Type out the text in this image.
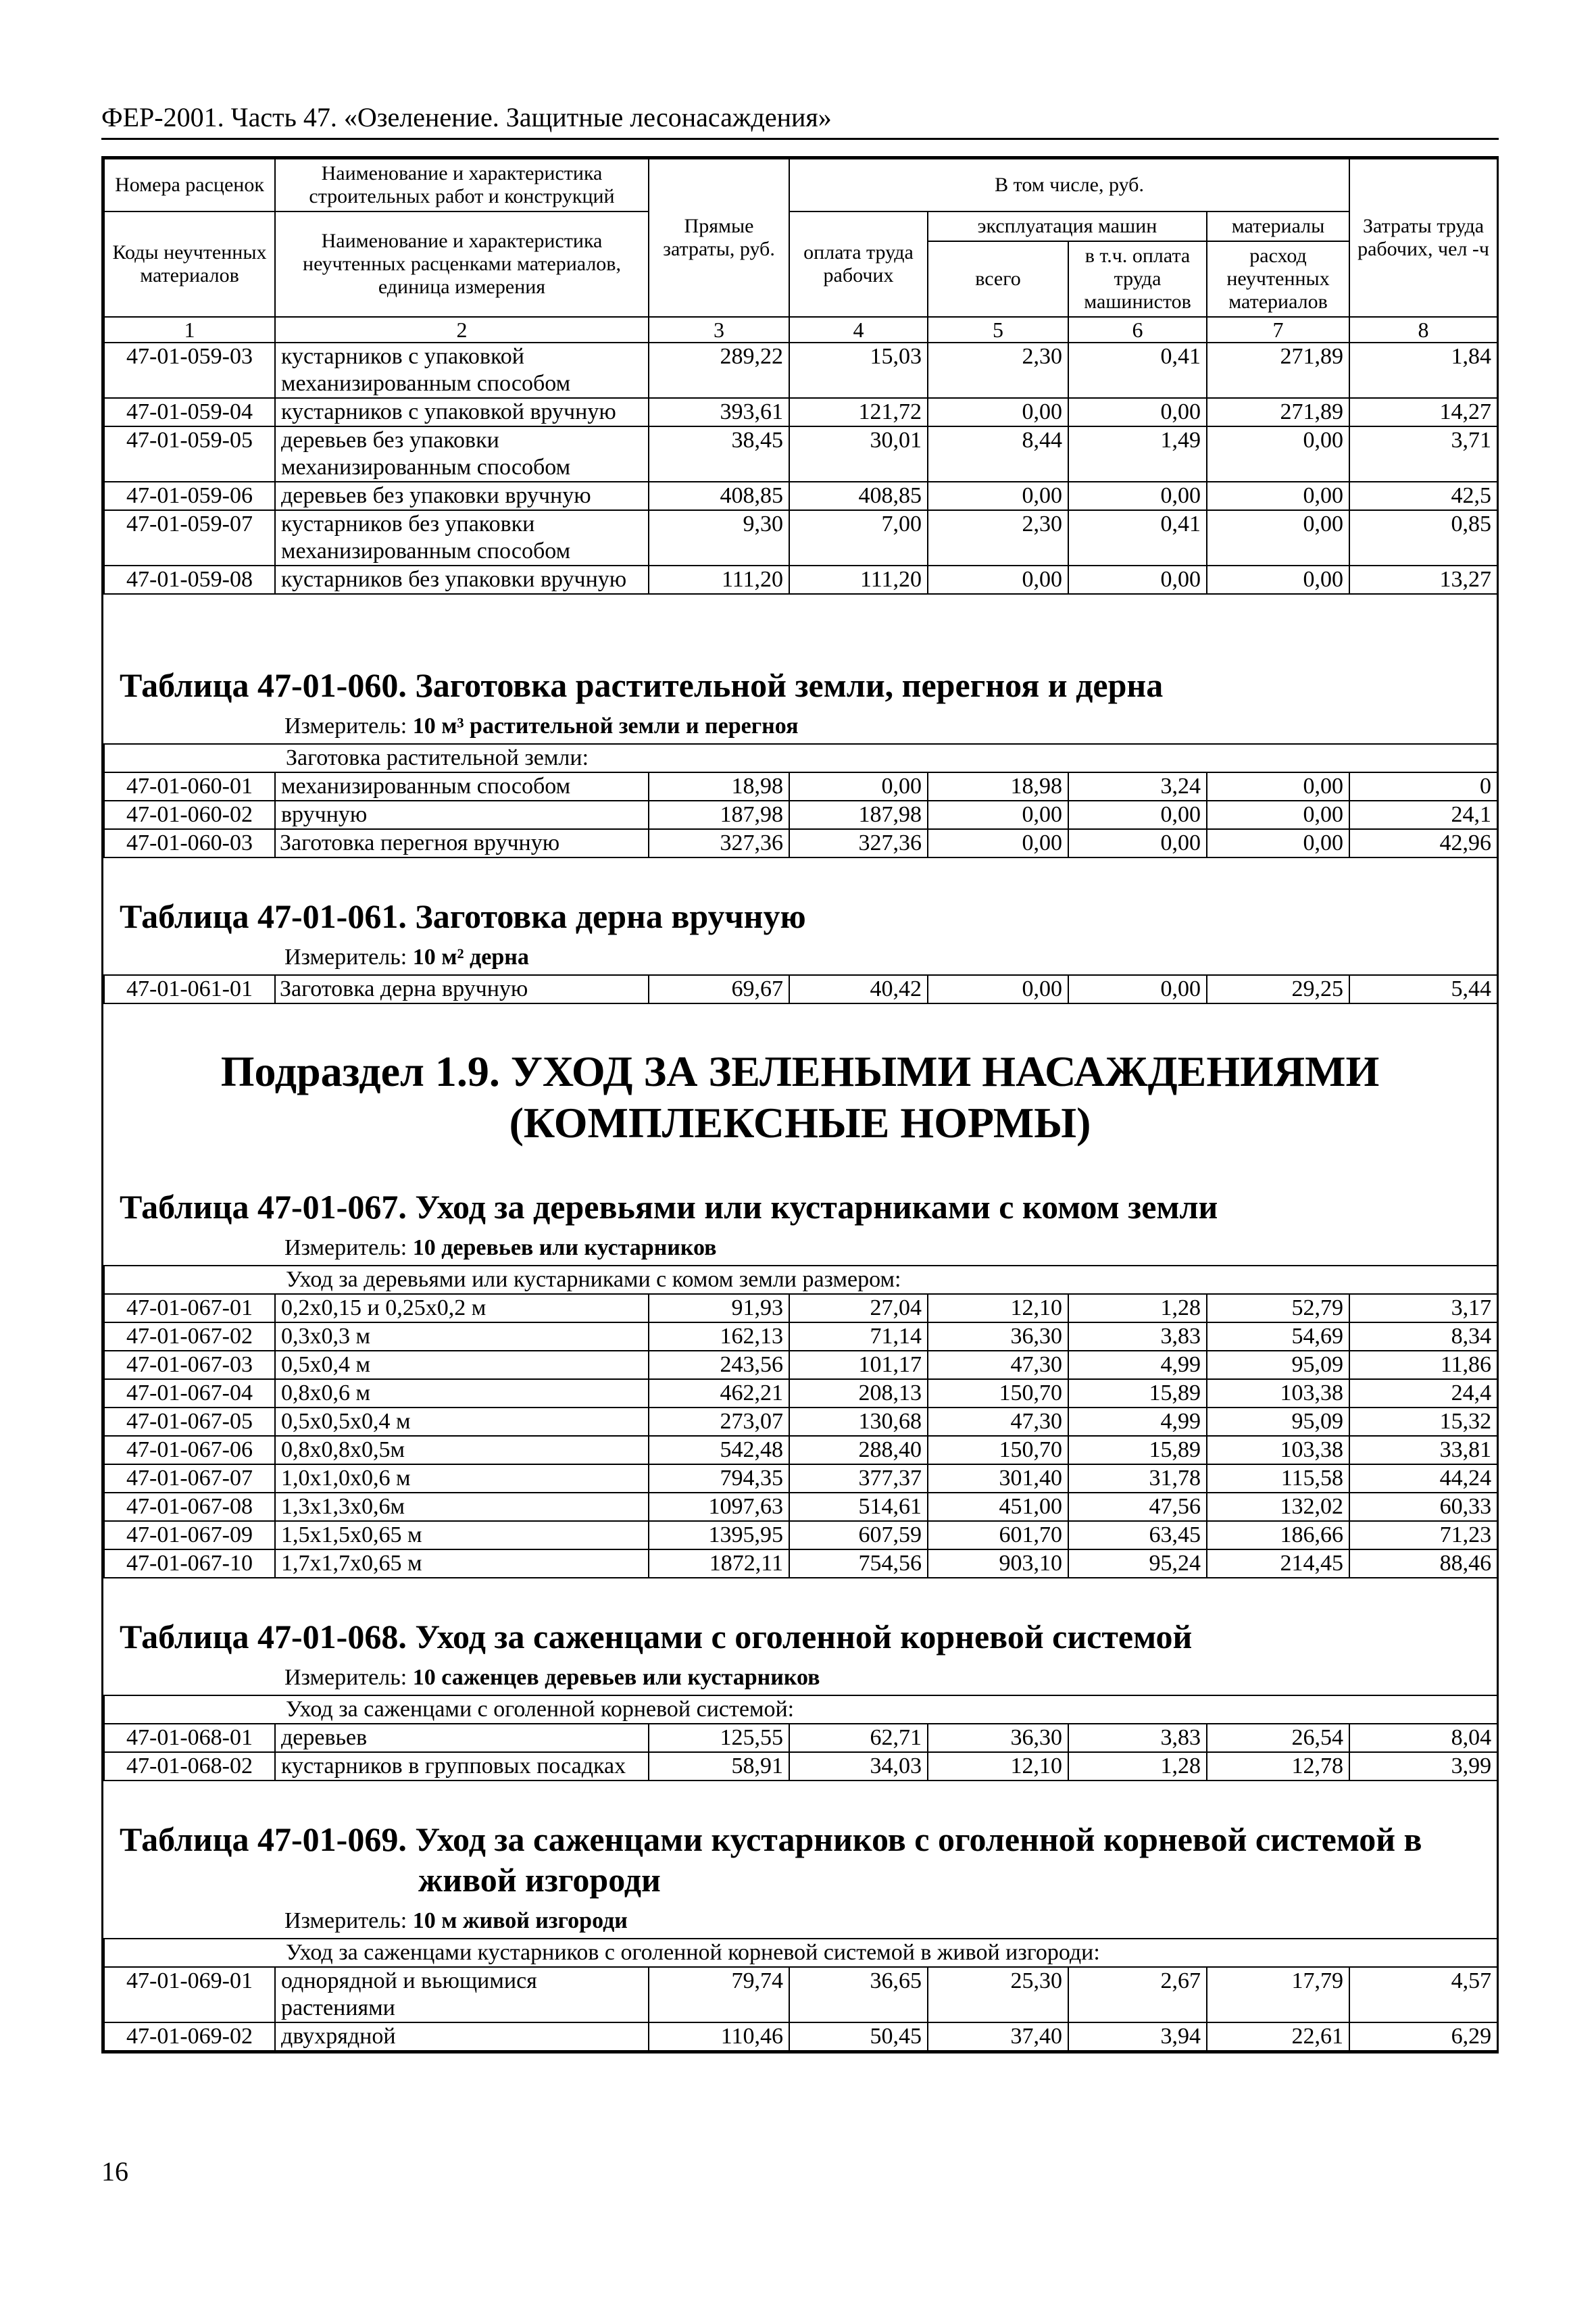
ФЕР-2001. Часть 47. «Озеленение. Защитные лесонасаждения»
Номера расценок	Наименование и характеристика строительных работ и конструкций	Прямые затраты, руб.	В том числе, руб.				Затраты труда рабочих, чел -ч
Коды неучтенных материалов	Наименование и характеристика неучтенных расценками материалов, единица измерения		оплата труда рабочих	эксплуатация машин		материалы	
				всего	в т.ч. оплата труда машинистов	расход неучтенных материалов	
1	2	3	4	5	6	7	8
47-01-059-03	кустарников с упаковкой механизированным способом	289,22	15,03	2,30	0,41	271,89	1,84
47-01-059-04	кустарников с упаковкой вручную	393,61	121,72	0,00	0,00	271,89	14,27
47-01-059-05	деревьев без упаковки механизированным способом	38,45	30,01	8,44	1,49	0,00	3,71
47-01-059-06	деревьев без упаковки вручную	408,85	408,85	0,00	0,00	0,00	42,5
47-01-059-07	кустарников без упаковки механизированным способом	9,30	7,00	2,30	0,41	0,00	0,85
47-01-059-08	кустарников без упаковки вручную	111,20	111,20	0,00	0,00	0,00	13,27
Таблица 47-01-060. Заготовка растительной земли, перегноя и дерна
Измеритель: 10 м³ растительной земли и перегноя
Заготовка растительной земли:							
47-01-060-01	механизированным способом	18,98	0,00	18,98	3,24	0,00	0
47-01-060-02	вручную	187,98	187,98	0,00	0,00	0,00	24,1
47-01-060-03	Заготовка перегноя вручную	327,36	327,36	0,00	0,00	0,00	42,96
Таблица 47-01-061. Заготовка дерна вручную
Измеритель: 10 м² дерна
47-01-061-01	Заготовка дерна вручную	69,67	40,42	0,00	0,00	29,25	5,44
Подраздел 1.9. УХОД ЗА ЗЕЛЕНЫМИ НАСАЖДЕНИЯМИ
(КОМПЛЕКСНЫЕ НОРМЫ)
Таблица 47-01-067. Уход за деревьями или кустарниками с комом земли
Измеритель: 10 деревьев или кустарников
Уход за деревьями или кустарниками с комом земли размером:							
47-01-067-01	0,2х0,15 и 0,25х0,2 м	91,93	27,04	12,10	1,28	52,79	3,17
47-01-067-02	0,3х0,3 м	162,13	71,14	36,30	3,83	54,69	8,34
47-01-067-03	0,5х0,4 м	243,56	101,17	47,30	4,99	95,09	11,86
47-01-067-04	0,8х0,6 м	462,21	208,13	150,70	15,89	103,38	24,4
47-01-067-05	0,5х0,5х0,4 м	273,07	130,68	47,30	4,99	95,09	15,32
47-01-067-06	0,8х0,8х0,5м	542,48	288,40	150,70	15,89	103,38	33,81
47-01-067-07	1,0х1,0х0,6 м	794,35	377,37	301,40	31,78	115,58	44,24
47-01-067-08	1,3х1,3х0,6м	1097,63	514,61	451,00	47,56	132,02	60,33
47-01-067-09	1,5х1,5х0,65 м	1395,95	607,59	601,70	63,45	186,66	71,23
47-01-067-10	1,7х1,7х0,65 м	1872,11	754,56	903,10	95,24	214,45	88,46
Таблица 47-01-068. Уход за саженцами с оголенной корневой системой
Измеритель: 10 саженцев деревьев или кустарников
Уход за саженцами с оголенной корневой системой:							
47-01-068-01	деревьев	125,55	62,71	36,30	3,83	26,54	8,04
47-01-068-02	кустарников в групповых посадках	58,91	34,03	12,10	1,28	12,78	3,99
Таблица 47-01-069. Уход за саженцами кустарников с оголенной корневой системой в
живой изгороди
Измеритель: 10 м живой изгороди
Уход за саженцами кустарников с оголенной корневой системой в живой изгороди:							
47-01-069-01	однорядной и вьющимися растениями	79,74	36,65	25,30	2,67	17,79	4,57
47-01-069-02	двухрядной	110,46	50,45	37,40	3,94	22,61	6,29
16
